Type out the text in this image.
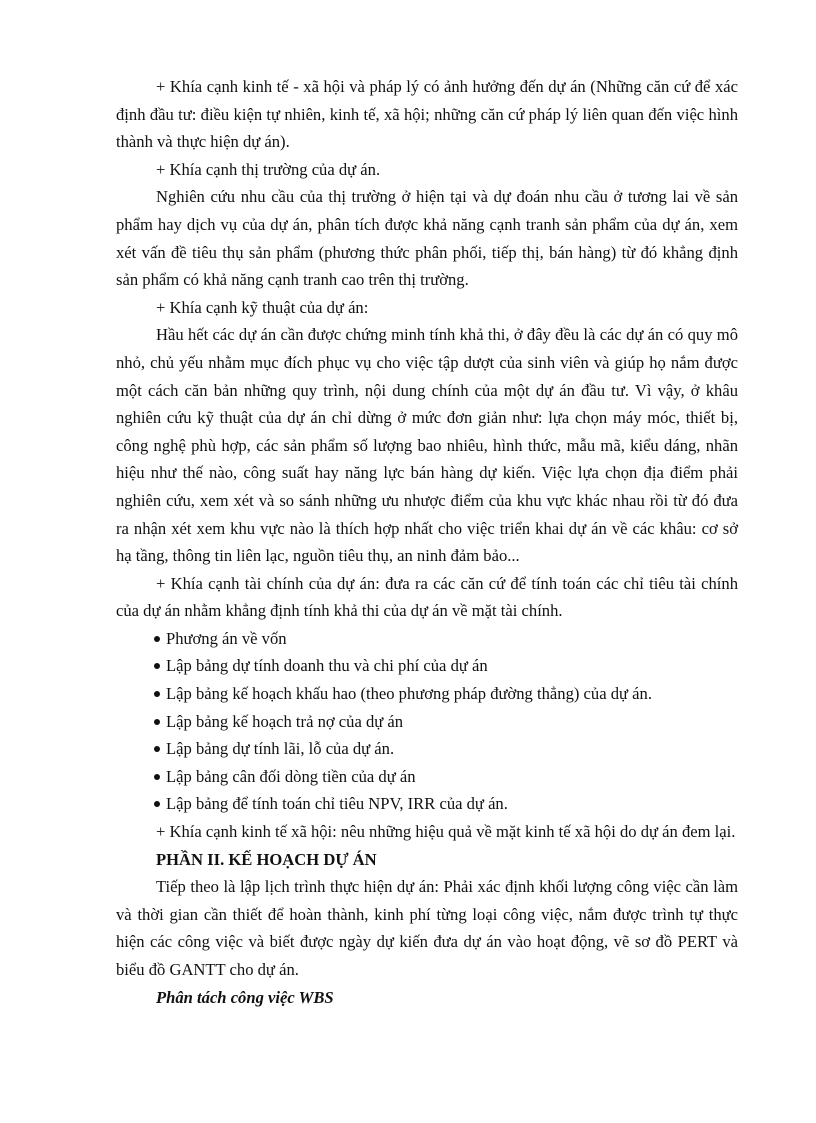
+ Khía cạnh kinh tế - xã hội và pháp lý có ảnh hưởng đến dự án (Những căn cứ để xác định đầu tư: điều kiện tự nhiên, kinh tế, xã hội; những căn cứ pháp lý liên quan đến việc hình thành và thực hiện dự án).

+ Khía cạnh thị trường của dự án.

Nghiên cứu nhu cầu của thị trường ở hiện tại và dự đoán nhu cầu ở tương lai về sản phẩm hay dịch vụ của dự án, phân tích được khả năng cạnh tranh sản phẩm của dự án, xem xét vấn đề tiêu thụ sản phẩm (phương thức phân phối, tiếp thị, bán hàng) từ đó khẳng định sản phẩm có khả năng cạnh tranh cao trên thị trường.

+ Khía cạnh kỹ thuật của dự án:

Hầu hết các dự án cần được chứng minh tính khả thi, ở đây đều là các dự án có quy mô nhỏ, chủ yếu nhằm mục đích phục vụ cho việc tập dượt của sinh viên và giúp họ nắm được một cách căn bản những quy trình, nội dung chính của một dự án đầu tư. Vì vậy, ở khâu nghiên cứu kỹ thuật của dự án chỉ dừng ở mức đơn giản như: lựa chọn máy móc, thiết bị, công nghệ phù hợp, các sản phẩm số lượng bao nhiêu, hình thức, mẫu mã, kiểu dáng, nhãn hiệu như thế nào, công suất hay năng lực bán hàng dự kiến. Việc lựa chọn địa điểm phải nghiên cứu, xem xét và so sánh những ưu nhược điểm của khu vực khác nhau rồi từ đó đưa ra nhận xét xem khu vực nào là thích hợp nhất cho việc triển khai dự án về các khâu: cơ sở hạ tầng, thông tin liên lạc, nguồn tiêu thụ, an ninh đảm bảo...

+ Khía cạnh tài chính của dự án: đưa ra các căn cứ để tính toán các chỉ tiêu tài chính của dự án nhằm khẳng định tính khả thi của dự án về mặt tài chính.

Phương án về vốn
Lập bảng dự tính doanh thu và chi phí của dự án
Lập bảng kế hoạch khấu hao (theo phương pháp đường thẳng) của dự án.
Lập bảng kế hoạch trả nợ của dự án
Lập bảng dự tính lãi, lỗ của dự án.
Lập bảng cân đối dòng tiền của dự án
Lập bảng để tính toán chỉ tiêu NPV, IRR của dự án.

+ Khía cạnh kinh tế xã hội: nêu những hiệu quả về mặt kinh tế xã hội do dự án đem lại.

PHẦN II. KẾ HOẠCH DỰ ÁN

Tiếp theo là lập lịch trình thực hiện dự án: Phải xác định khối lượng công việc cần làm và thời gian cần thiết để hoàn thành, kinh phí từng loại công việc, nắm được trình tự thực hiện các công việc và biết được ngày dự kiến đưa dự án vào hoạt động, vẽ sơ đồ PERT và biểu đồ GANTT cho dự án.

Phân tách công việc WBS
